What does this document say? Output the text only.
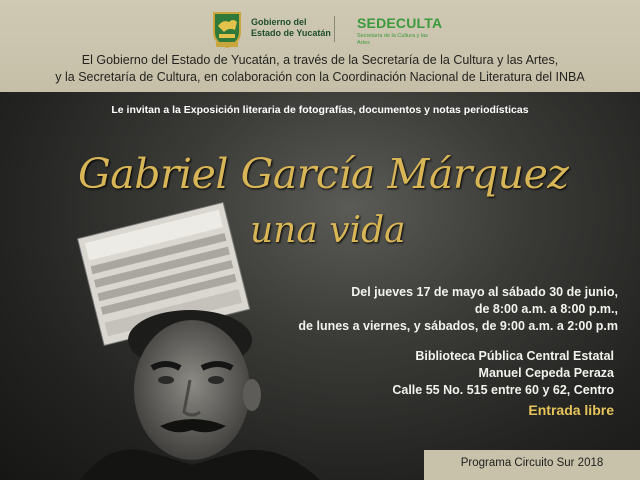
Gobierno del
Estado de Yucatán
SEDECULTA
Secretaría de la Cultura y las Artes
El Gobierno del Estado de Yucatán, a través de la Secretaría de la Cultura y las Artes,
y la Secretaría de Cultura, en colaboración con la Coordinación Nacional de Literatura del INBA
Le invitan a la Exposición literaria de fotografías, documentos y notas periodísticas
Gabriel García Márquez
una vida
Del jueves 17 de mayo al sábado 30 de junio,
de 8:00 a.m. a 8:00 p.m.,
de lunes a viernes, y sábados, de 9:00 a.m. a 2:00 p.m
Biblioteca Pública Central Estatal
Manuel Cepeda Peraza
Calle 55 No. 515 entre 60 y 62, Centro
Entrada libre
Programa Circuito Sur 2018
